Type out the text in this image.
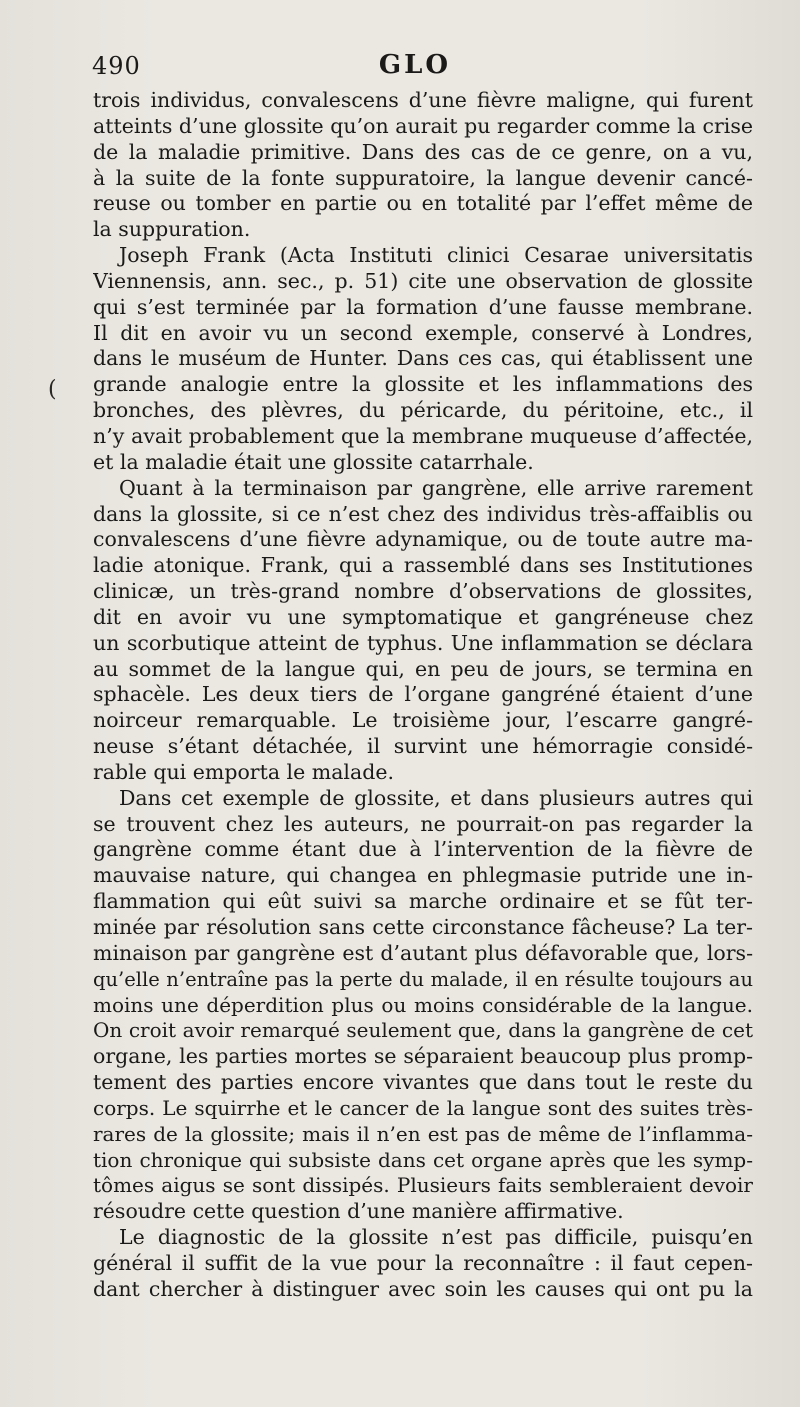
490	GLO
(
trois individus, convalescens d’une fièvre maligne, qui furent
atteints d’une glossite qu’on aurait pu regarder comme la crise
de la maladie primitive. Dans des cas de ce genre, on a vu,
à la suite de la fonte suppuratoire, la langue devenir cancé-
reuse ou tomber en partie ou en totalité par l’effet même de
la suppuration.
Joseph Frank (Acta Instituti clinici Cesarae universitatis
Viennensis, ann. sec., p. 51) cite une observation de glossite
qui s’est terminée par la formation d’une fausse membrane.
Il dit en avoir vu un second exemple, conservé à Londres,
dans le muséum de Hunter. Dans ces cas, qui établissent une
grande analogie entre la glossite et les inflammations des
bronches, des plèvres, du péricarde, du péritoine, etc., il
n’y avait probablement que la membrane muqueuse d’affectée,
et la maladie était une glossite catarrhale.
Quant à la terminaison par gangrène, elle arrive rarement
dans la glossite, si ce n’est chez des individus très-affaiblis ou
convalescens d’une fièvre adynamique, ou de toute autre ma-
ladie atonique. Frank, qui a rassemblé dans ses Institutiones
clinicæ, un très-grand nombre d’observations de glossites,
dit en avoir vu une symptomatique et gangréneuse chez
un scorbutique atteint de typhus. Une inflammation se déclara
au sommet de la langue qui, en peu de jours, se termina en
sphacèle. Les deux tiers de l’organe gangréné étaient d’une
noirceur remarquable. Le troisième jour, l’escarre gangré-
neuse s’étant détachée, il survint une hémorragie considé-
rable qui emporta le malade.
Dans cet exemple de glossite, et dans plusieurs autres qui
se trouvent chez les auteurs, ne pourrait-on pas regarder la
gangrène comme étant due à l’intervention de la fièvre de
mauvaise nature, qui changea en phlegmasie putride une in-
flammation qui eût suivi sa marche ordinaire et se fût ter-
minée par résolution sans cette circonstance fâcheuse? La ter-
minaison par gangrène est d’autant plus défavorable que, lors-
qu’elle n’entraîne pas la perte du malade, il en résulte toujours au
moins une déperdition plus ou moins considérable de la langue.
On croit avoir remarqué seulement que, dans la gangrène de cet
organe, les parties mortes se séparaient beaucoup plus promp-
tement des parties encore vivantes que dans tout le reste du
corps. Le squirrhe et le cancer de la langue sont des suites très-
rares de la glossite; mais il n’en est pas de même de l’inflamma-
tion chronique qui subsiste dans cet organe après que les symp-
tômes aigus se sont dissipés. Plusieurs faits sembleraient devoir
résoudre cette question d’une manière affirmative.
Le diagnostic de la glossite n’est pas difficile, puisqu’en
général il suffit de la vue pour la reconnaître : il faut cepen-
dant chercher à distinguer avec soin les causes qui ont pu la
